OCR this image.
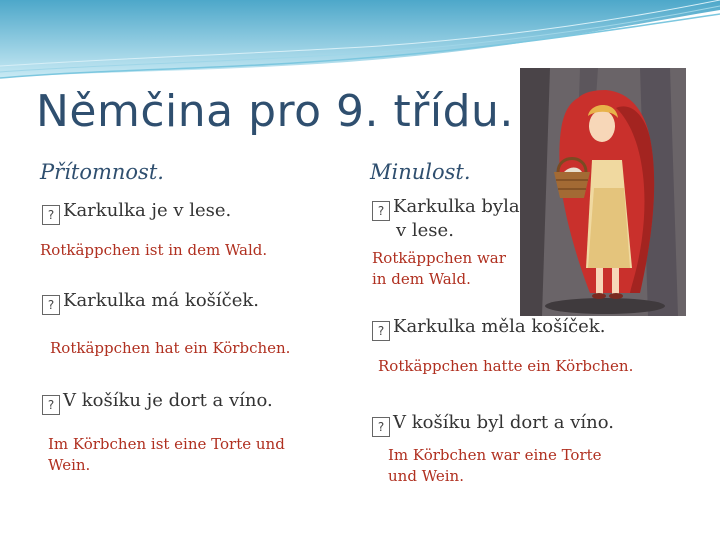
Němčina pro 9. třídu.
Přítomnost.	Minulost.
? Karkulka je v lese.
Rotkäppchen ist in dem Wald.
? Karkulka má košíček.
Rotkäppchen hat ein Körbchen.
? V košíku je dort a víno.
Im Körbchen ist eine Torte und Wein.
? Karkulka byla
v lese.
Rotkäppchen war
in dem Wald.
? Karkulka měla košíček.
Rotkäppchen hatte ein Körbchen.
? V košíku byl dort a víno.
Im Körbchen war eine Torte
und Wein.
